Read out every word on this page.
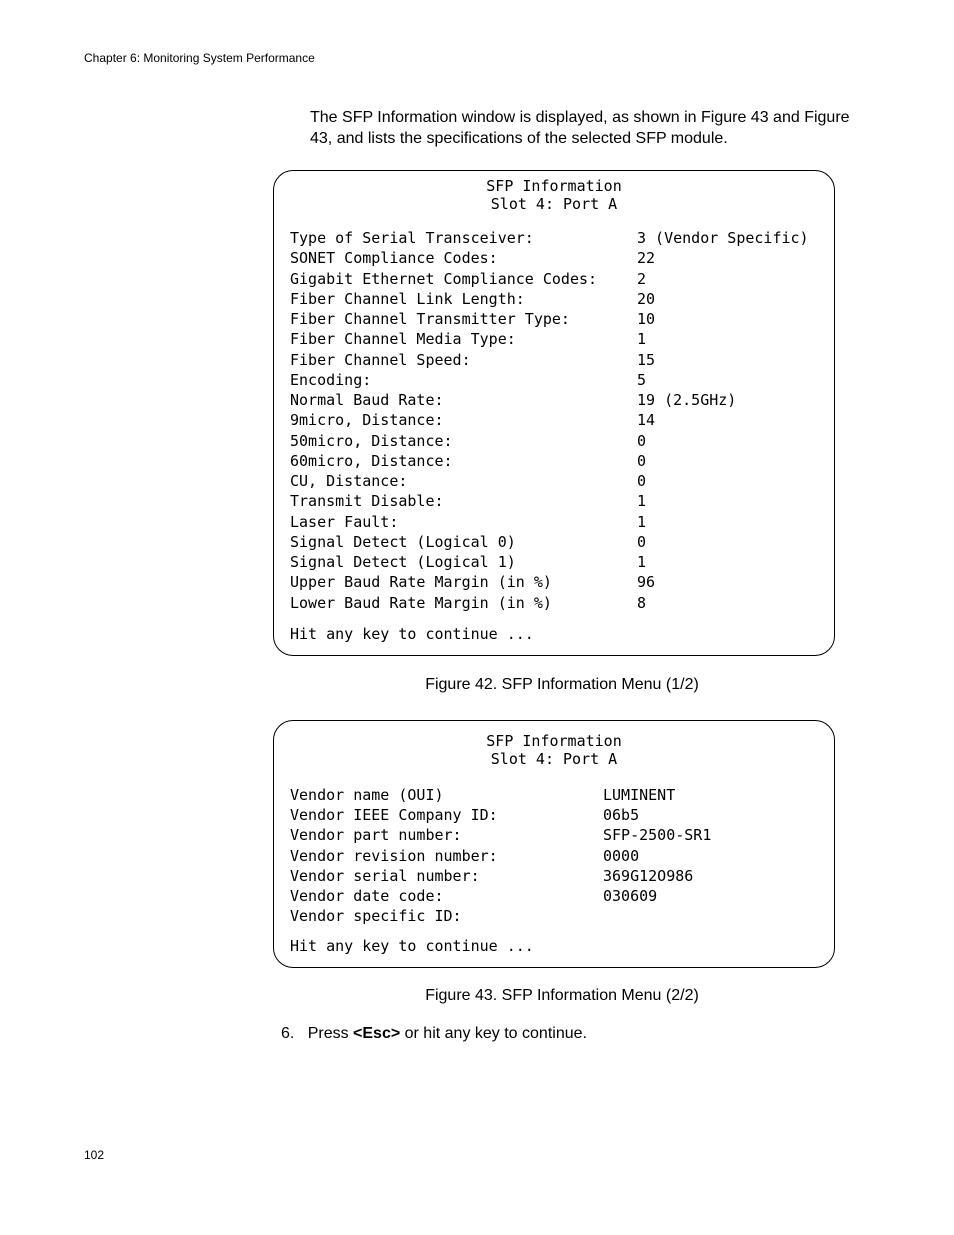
Chapter 6: Monitoring System Performance
The SFP Information window is displayed, as shown in Figure 43 and Figure 43, and lists the specifications of the selected SFP module.
SFP Information
Slot 4: Port A
Type of Serial Transceiver:	3 (Vendor Specific)
SONET Compliance Codes:	22
Gigabit Ethernet Compliance Codes:	2
Fiber Channel Link Length:	20
Fiber Channel Transmitter Type:	10
Fiber Channel Media Type:	1
Fiber Channel Speed:	15
Encoding:	5
Normal Baud Rate:	19 (2.5GHz)
9micro, Distance:	14
50micro, Distance:	0
60micro, Distance:	0
CU, Distance:	0
Transmit Disable:	1
Laser Fault:	1
Signal Detect (Logical 0)	0
Signal Detect (Logical 1)	1
Upper Baud Rate Margin (in %)	96
Lower Baud Rate Margin (in %)	8
Hit any key to continue ...
Figure 42. SFP Information Menu (1/2)
SFP Information
Slot 4: Port A
Vendor name (OUI)	LUMINENT
Vendor IEEE Company ID:	06b5
Vendor part number:	SFP-2500-SR1
Vendor revision number:	0000
Vendor serial number:	369G12O986
Vendor date code:	030609
Vendor specific ID:
Hit any key to continue ...
Figure 43. SFP Information Menu (2/2)
6. Press <Esc> or hit any key to continue.
102
